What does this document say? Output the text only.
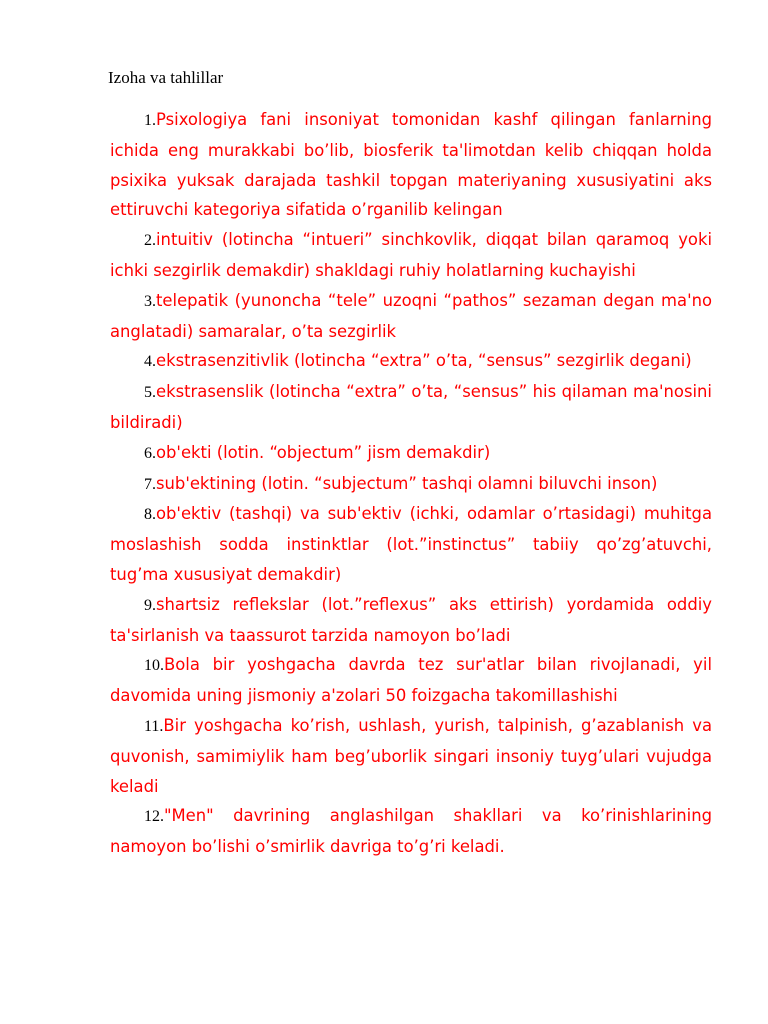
Izoha va tahlillar
1.Psixologiya fani insoniyat tomonidan kashf qilingan fanlarning ichida eng murakkabi bo’lib, biosferik ta'limotdan kelib chiqqan holda psixika yuksak darajada tashkil topgan materiyaning xususiyatini aks ettiruvchi kategoriya sifatida o’rganilib kelingan
2.intuitiv (lotincha “intueri” sinchkovlik, diqqat bilan qaramoq yoki ichki sezgirlik demakdir) shakldagi ruhiy holatlarning kuchayishi
3.telepatik (yunoncha “tele” uzoqni “pathos” sezaman degan ma'no anglatadi) samaralar, o’ta sezgirlik
4.ekstrasenzitivlik (lotincha “extra” o’ta, “sensus” sezgirlik degani)
5.ekstrasenslik (lotincha “extra” o’ta, “sensus” his qilaman ma'nosini bildiradi)
6.ob'ekti (lotin. “objectum” jism demakdir)
7.sub'ektining (lotin. “subjectum” tashqi olamni biluvchi inson)
8.ob'ektiv (tashqi) va sub'ektiv (ichki, odamlar o’rtasidagi) muhitga moslashish sodda instinktlar (lot.”instinctus” tabiiy qo’zg’atuvchi, tug’ma xususiyat demakdir)
9.shartsiz reflekslar (lot.”reflexus” aks ettirish) yordamida oddiy ta'sirlanish va taassurot tarzida namoyon bo’ladi
10.Bola bir yoshgacha davrda tez sur'atlar bilan rivojlanadi, yil davomida uning jismoniy a'zolari 50 foizgacha takomillashishi
11.Bir yoshgacha ko’rish, ushlash, yurish, talpinish, g’azablanish va quvonish, samimiylik ham beg’uborlik singari insoniy tuyg’ulari vujudga keladi
12."Men" davrining anglashilgan shakllari va ko’rinishlarining namoyon bo’lishi o’smirlik davriga to’g’ri keladi.
